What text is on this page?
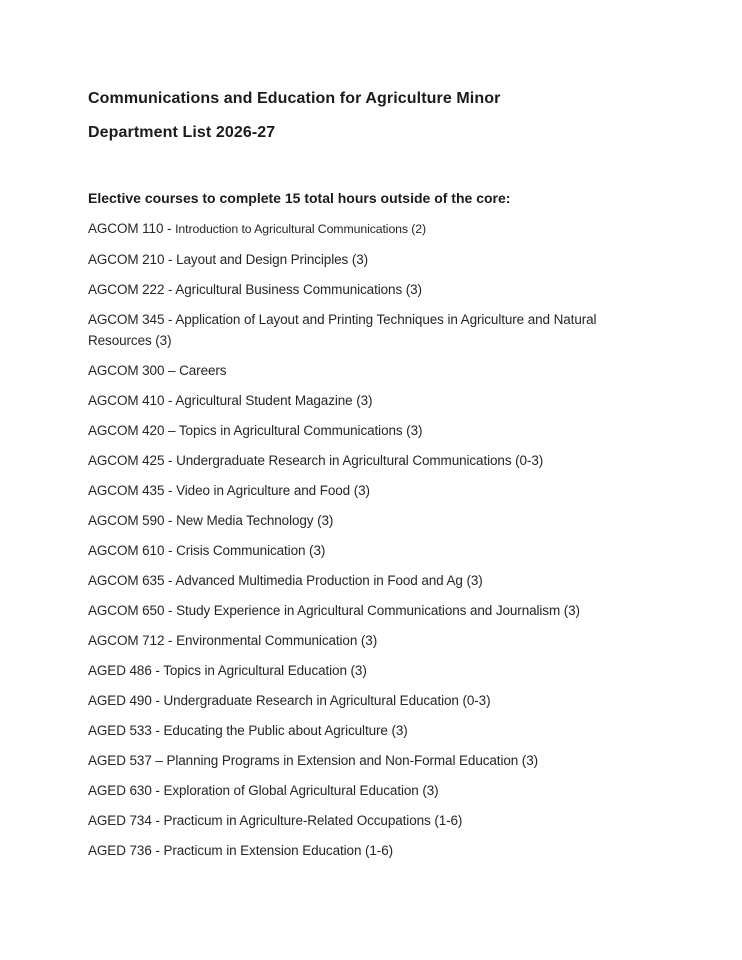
Communications and Education for Agriculture Minor
Department List 2026-27

Elective courses to complete 15 total hours outside of the core:

AGCOM 110 - Introduction to Agricultural Communications (2)

AGCOM 210 - Layout and Design Principles (3)

AGCOM 222 - Agricultural Business Communications (3)

AGCOM 345 - Application of Layout and Printing Techniques in Agriculture and Natural Resources (3)

AGCOM 300 – Careers

AGCOM 410 - Agricultural Student Magazine (3)

AGCOM 420 – Topics in Agricultural Communications (3)

AGCOM 425 - Undergraduate Research in Agricultural Communications (0-3)

AGCOM 435 - Video in Agriculture and Food (3)

AGCOM 590 - New Media Technology (3)

AGCOM 610 - Crisis Communication (3)

AGCOM 635 - Advanced Multimedia Production in Food and Ag (3)

AGCOM 650 - Study Experience in Agricultural Communications and Journalism (3)

AGCOM 712 - Environmental Communication (3)

AGED 486 - Topics in Agricultural Education (3)

AGED 490 - Undergraduate Research in Agricultural Education (0-3)

AGED 533 - Educating the Public about Agriculture (3)

AGED 537 – Planning Programs in Extension and Non-Formal Education (3)

AGED 630 - Exploration of Global Agricultural Education (3)

AGED 734 - Practicum in Agriculture-Related Occupations (1-6)

AGED 736 - Practicum in Extension Education (1-6)
